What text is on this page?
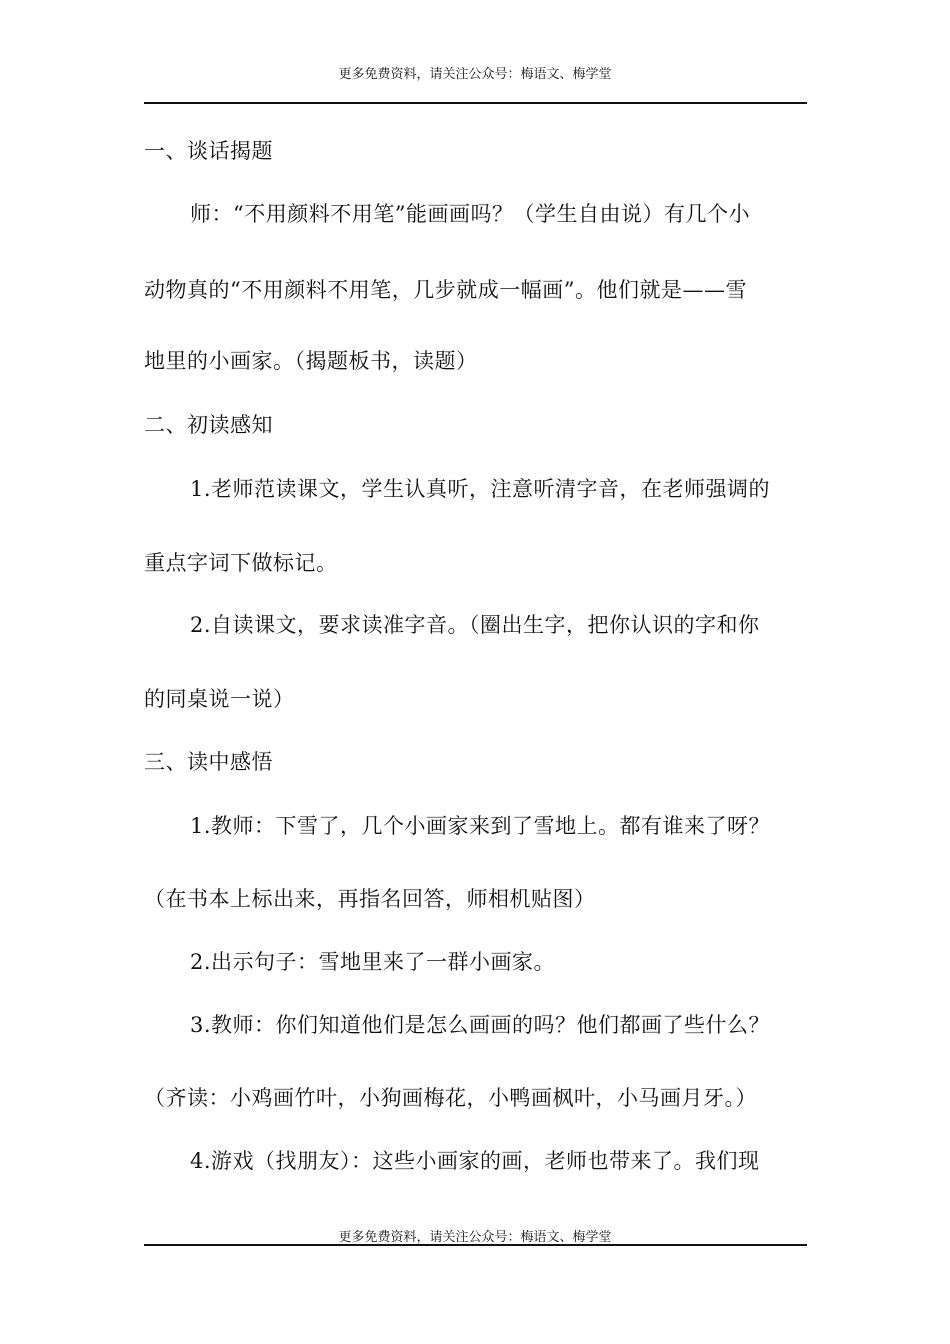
更多免费资料，请关注公众号：梅语文、梅学堂
一、谈话揭题
师：“不用颜料不用笔”能画画吗？（学生自由说）有几个小
动物真的“不用颜料不用笔，几步就成一幅画”。他们就是——雪
地里的小画家。（揭题板书，读题）
二、初读感知
1.老师范读课文，学生认真听，注意听清字音，在老师强调的
重点字词下做标记。
2.自读课文，要求读准字音。（圈出生字，把你认识的字和你
的同桌说一说）
三、读中感悟
1.教师：下雪了，几个小画家来到了雪地上。都有谁来了呀？
（在书本上标出来，再指名回答，师相机贴图）
2.出示句子：雪地里来了一群小画家。
3.教师：你们知道他们是怎么画画的吗？他们都画了些什么？
（齐读：小鸡画竹叶，小狗画梅花，小鸭画枫叶，小马画月牙。）
4.游戏（找朋友）：这些小画家的画，老师也带来了。我们现
更多免费资料，请关注公众号：梅语文、梅学堂
